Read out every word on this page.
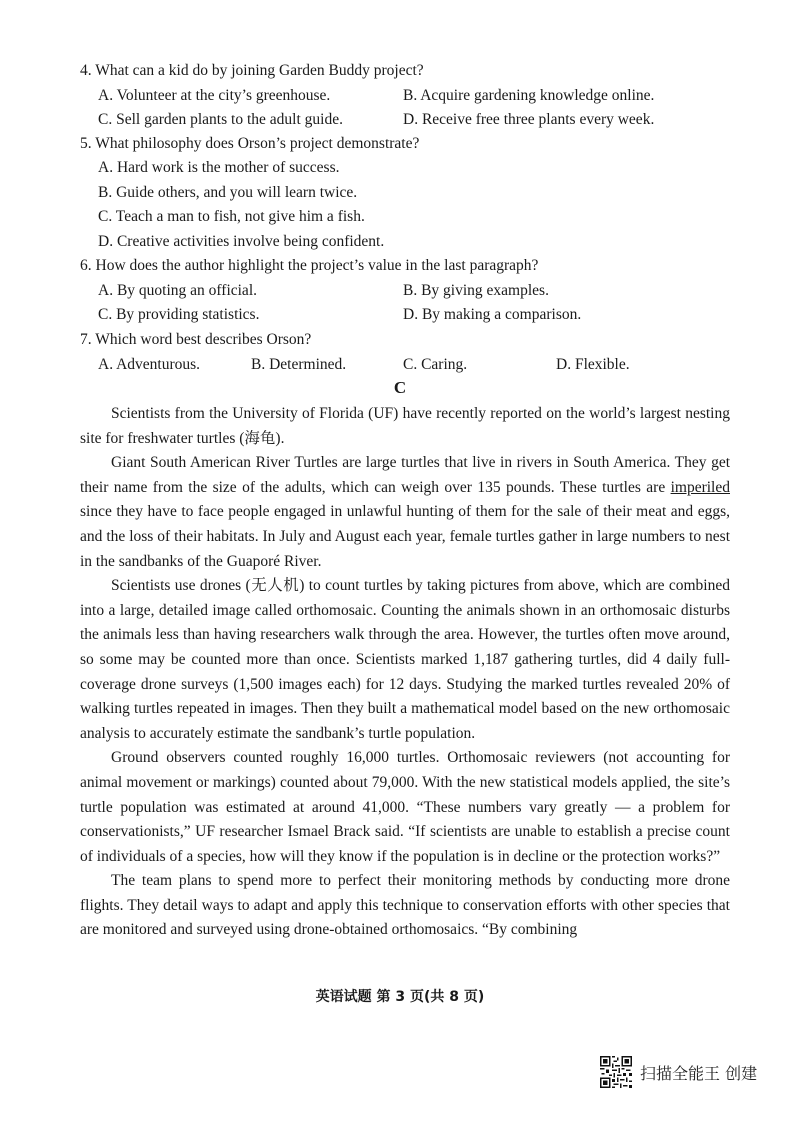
4. What can a kid do by joining Garden Buddy project?
A. Volunteer at the city’s greenhouse.	B. Acquire gardening knowledge online.
C. Sell garden plants to the adult guide.	D. Receive free three plants every week.
5. What philosophy does Orson’s project demonstrate?
A. Hard work is the mother of success.
B. Guide others, and you will learn twice.
C. Teach a man to fish, not give him a fish.
D. Creative activities involve being confident.
6. How does the author highlight the project’s value in the last paragraph?
A. By quoting an official.	B. By giving examples.
C. By providing statistics.	D. By making a comparison.
7. Which word best describes Orson?
A. Adventurous.	B. Determined.	C. Caring.	D. Flexible.
C

Scientists from the University of Florida (UF) have recently reported on the world’s largest nesting site for freshwater turtles (海龟).

Giant South American River Turtles are large turtles that live in rivers in South America. They get their name from the size of the adults, which can weigh over 135 pounds. These turtles are imperiled since they have to face people engaged in unlawful hunting of them for the sale of their meat and eggs, and the loss of their habitats. In July and August each year, female turtles gather in large numbers to nest in the sandbanks of the Guaporé River.

Scientists use drones (无人机) to count turtles by taking pictures from above, which are combined into a large, detailed image called orthomosaic. Counting the animals shown in an orthomosaic disturbs the animals less than having researchers walk through the area. However, the turtles often move around, so some may be counted more than once. Scientists marked 1,187 gathering turtles, did 4 daily full-coverage drone surveys (1,500 images each) for 12 days. Studying the marked turtles revealed 20% of walking turtles repeated in images. Then they built a mathematical model based on the new orthomosaic analysis to accurately estimate the sandbank’s turtle population.

Ground observers counted roughly 16,000 turtles. Orthomosaic reviewers (not accounting for animal movement or markings) counted about 79,000. With the new statistical models applied, the site’s turtle population was estimated at around 41,000. “These numbers vary greatly — a problem for conservationists,” UF researcher Ismael Brack said. “If scientists are unable to establish a precise count of individuals of a species, how will they know if the population is in decline or the protection works?”

The team plans to spend more to perfect their monitoring methods by conducting more drone flights. They detail ways to adapt and apply this technique to conservation efforts with other species that are monitored and surveyed using drone-obtained orthomosaics. “By combining

英语试题 第 3 页(共 8 页)
扫描全能王 创建
